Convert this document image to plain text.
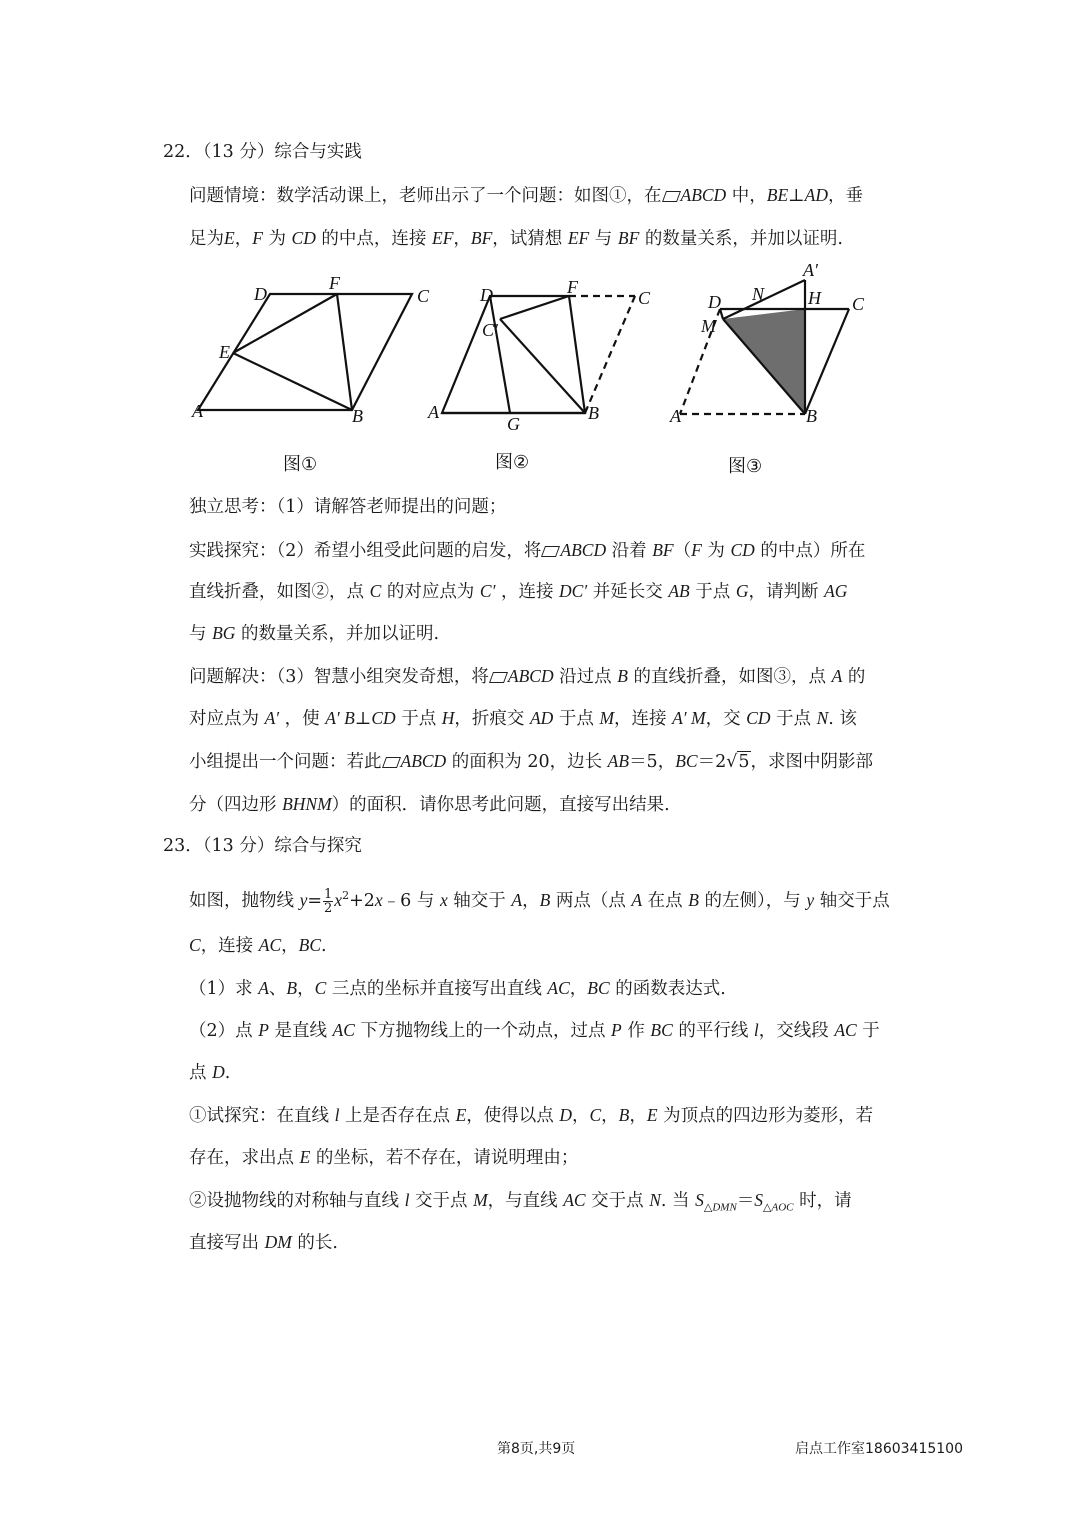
22．（13 分）综合与实践
问题情境：数学活动课上，老师出示了一个问题：如图①，在 ABCD 中，BE⊥AD，垂
足为E，F 为 CD 的中点，连接 EF，BF，试猜想 EF 与 BF 的数量关系，并加以证明.
D
F
C
E
A	B
D	F
C
C′
A
G
B
A′
N
D	H C
M
A	B
图①	图②	图③
独立思考：（1）请解答老师提出的问题；
实践探究：（2）希望小组受此问题的启发，将 ABCD 沿着 BF（F 为 CD 的中点）所在
直线折叠，如图②，点 C 的对应点为 C′ ，连接 DC′ 并延长交 AB 于点 G，请判断 AG
与 BG 的数量关系，并加以证明.
问题解决：（3）智慧小组突发奇想，将 ABCD 沿过点 B 的直线折叠，如图③，点 A 的
对应点为 A′ ，使 A′ B⊥CD 于点 H，折痕交 AD 于点 M，连接 A′ M，交 CD 于点 N. 该
小组提出一个问题：若此 ABCD 的面积为 20，边长 AB＝5，BC＝2√5，求图中阴影部
分（四边形 BHNM）的面积．请你思考此问题，直接写出结果.
23．（13 分）综合与探究
如图，抛物线 $y= \frac{1}{2}$ $x^2+2x﹣6$ 与 x 轴交于 A，B 两点（点 A 在点 B 的左侧），与 y 轴交于点
C，连接 AC，BC.
（1）求 A、B，C 三点的坐标并直接写出直线 AC，BC 的函数表达式.
（2）点 P 是直线 AC 下方抛物线上的一个动点，过点 P 作 BC 的平行线 l，交线段 AC 于
点 D.
①试探究：在直线 l 上是否存在点 E，使得以点 D，C，B，E 为顶点的四边形为菱形，若
存在，求出点 E 的坐标，若不存在，请说明理由；
②设抛物线的对称轴与直线 l 交于点 M，与直线 AC 交于点 N. 当 $S_{\triangle DMN}=S_{\triangle AOC}$ 时，请
直接写出 DM 的长.
第8页,共9页	启点工作室18603415100
